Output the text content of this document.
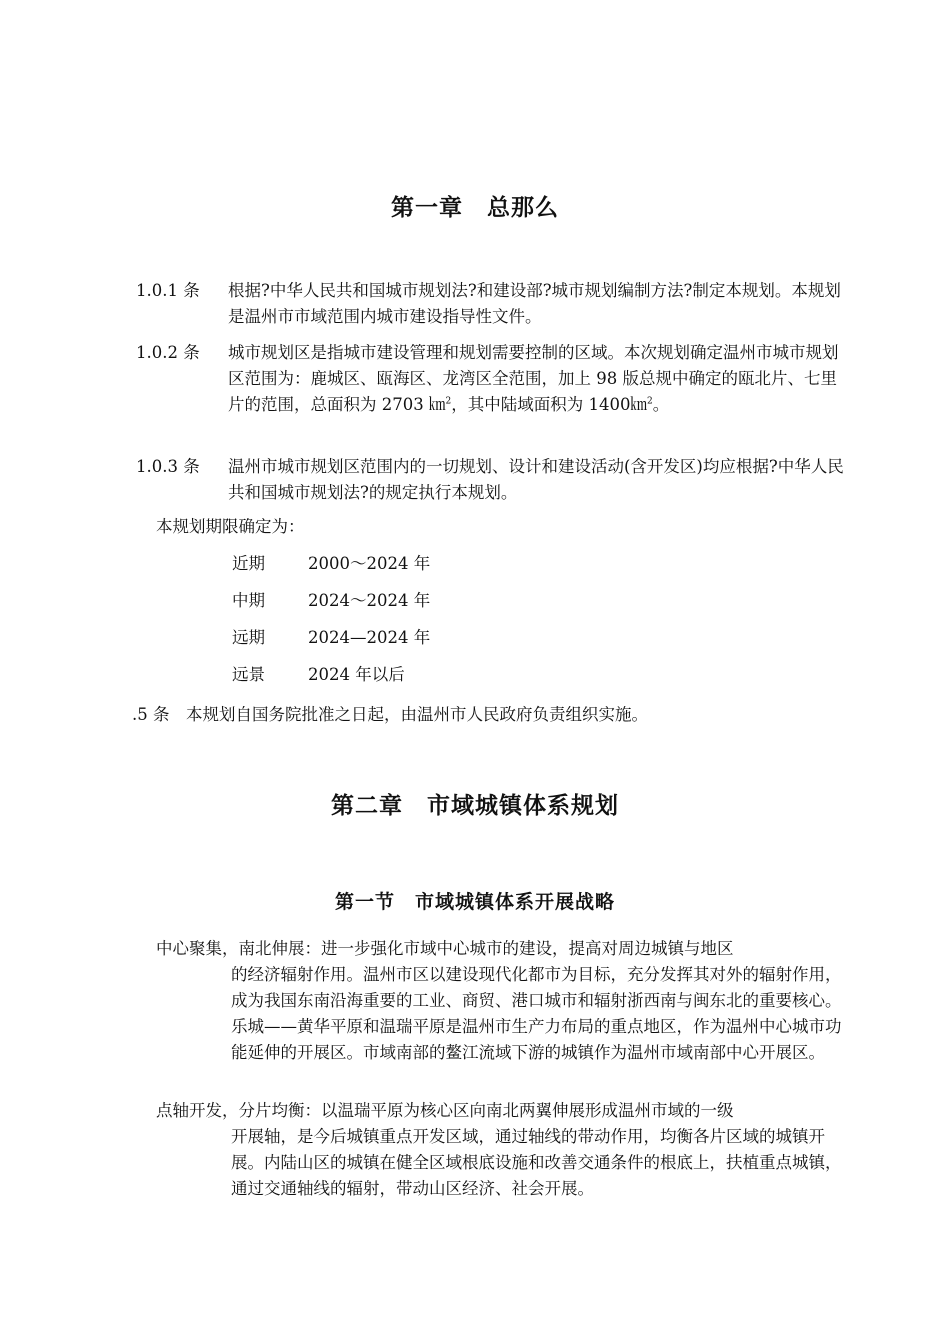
第一章　总那么
1.0.1 条	根据?中华人民共和国城市规划法?和建设部?城市规划编制方法?制定本规划。本规划是温州市市域范围内城市建设指导性文件。
1.0.2 条	城市规划区是指城市建设管理和规划需要控制的区域。本次规划确定温州市城市规划区范围为：鹿城区、瓯海区、龙湾区全范围，加上 98 版总规中确定的瓯北片、七里片的范围，总面积为 2703 ㎞$^2$，其中陆域面积为 1400㎞$^2$。
1.0.3 条	温州市城市规划区范围内的一切规划、设计和建设活动(含开发区)均应根据?中华人民共和国城市规划法?的规定执行本规划。
本规划期限确定为：
近期	2000～2024 年
中期	2024～2024 年
远期	2024—2024 年
远景	2024 年以后
.5 条　本规划自国务院批准之日起，由温州市人民政府负责组织实施。
第二章　市域城镇体系规划
第一节　市域城镇体系开展战略
中心聚集，南北伸展：进一步强化市域中心城市的建设，提高对周边城镇与地区
的经济辐射作用。温州市区以建设现代化都市为目标，充分发挥其对外的辐射作用，成为我国东南沿海重要的工业、商贸、港口城市和辐射浙西南与闽东北的重要核心。乐城——黄华平原和温瑞平原是温州市生产力布局的重点地区，作为温州中心城市功能延伸的开展区。市域南部的鳌江流域下游的城镇作为温州市域南部中心开展区。
点轴开发，分片均衡：以温瑞平原为核心区向南北两翼伸展形成温州市域的一级
开展轴，是今后城镇重点开发区域，通过轴线的带动作用，均衡各片区域的城镇开展。内陆山区的城镇在健全区域根底设施和改善交通条件的根底上，扶植重点城镇，通过交通轴线的辐射，带动山区经济、社会开展。
